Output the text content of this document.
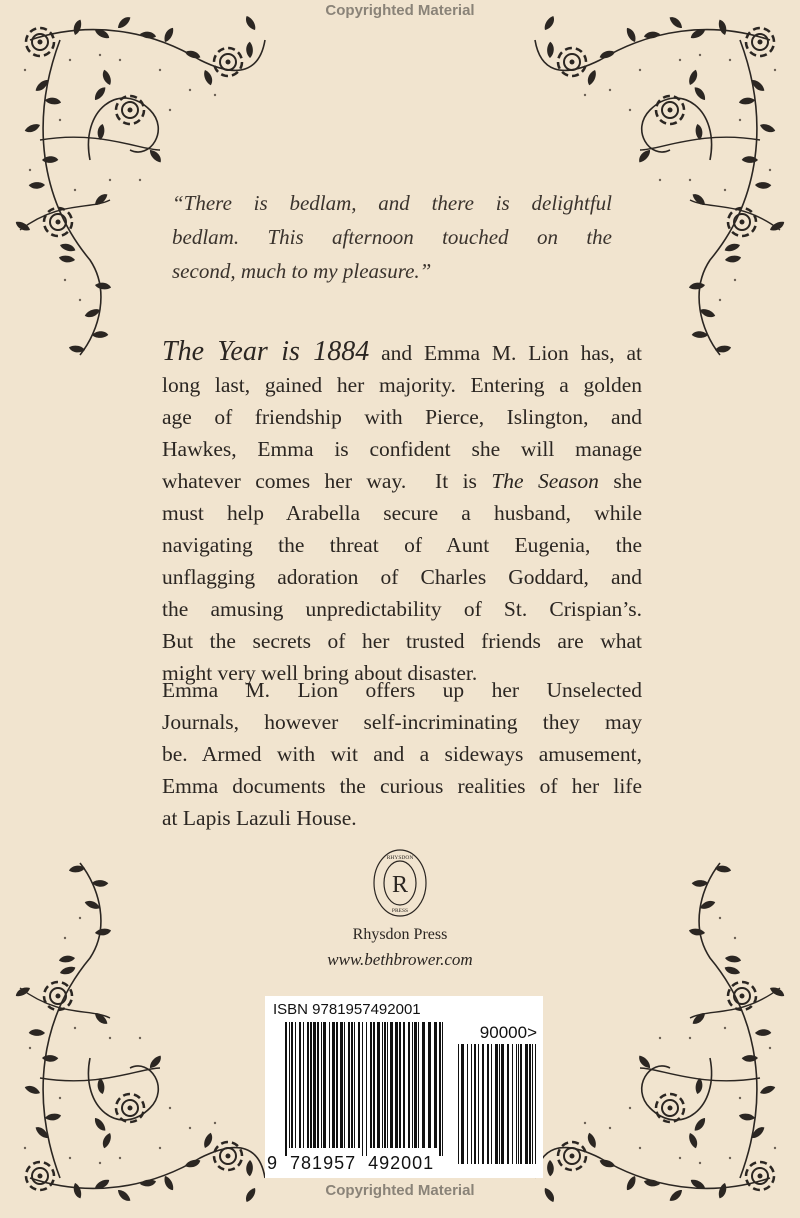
Copyrighted Material
“There is bedlam, and there is delightful
bedlam. This afternoon touched on the
second, much to my pleasure.”
The Year is 1884 and Emma M. Lion has, at
long last, gained her majority. Entering a golden
age of friendship with Pierce, Islington, and
Hawkes, Emma is confident she will manage
whatever comes her way.  It is The Season she
must help Arabella secure a husband, while
navigating the threat of Aunt Eugenia, the
unflagging adoration of Charles Goddard, and
the amusing unpredictability of St. Crispian’s.
But the secrets of her trusted friends are what
might very well bring about disaster.
Emma M. Lion offers up her Unselected
Journals, however self-incriminating they may
be. Armed with wit and a sideways amusement,
Emma documents the curious realities of her life
at Lapis Lazuli House.
R
RHYSDON
PRESS
Rhysdon Press
www.bethbrower.com
ISBN 9781957492001
90000>
9 781957 492001
Copyrighted Material
